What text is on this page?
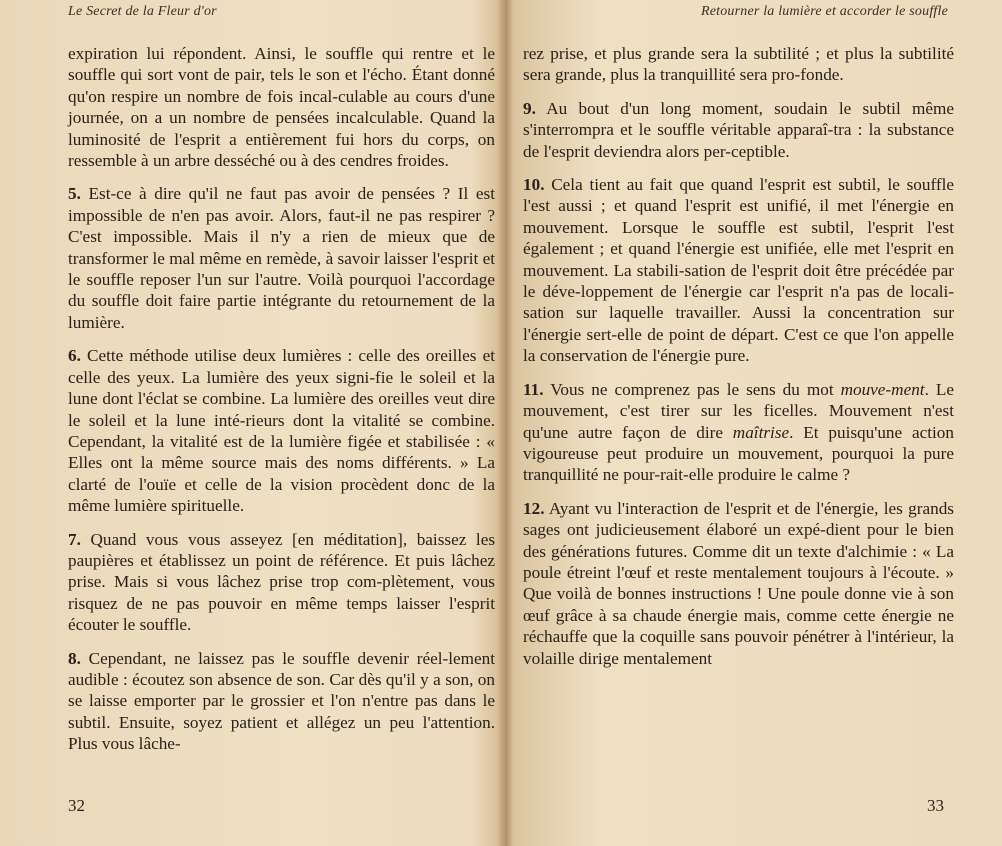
Le Secret de la Fleur d'or

expiration lui répondent. Ainsi, le souffle qui rentre et le souffle qui sort vont de pair, tels le son et l'écho. Étant donné qu'on respire un nombre de fois incal-culable au cours d'une journée, on a un nombre de pensées incalculable. Quand la luminosité de l'esprit a entièrement fui hors du corps, on ressemble à un arbre desséché ou à des cendres froides.

5. Est-ce à dire qu'il ne faut pas avoir de pensées ? Il est impossible de n'en pas avoir. Alors, faut-il ne pas respirer ? C'est impossible. Mais il n'y a rien de mieux que de transformer le mal même en remède, à savoir laisser l'esprit et le souffle reposer l'un sur l'autre. Voilà pourquoi l'accordage du souffle doit faire partie intégrante du retournement de la lumière.

6. Cette méthode utilise deux lumières : celle des oreilles et celle des yeux. La lumière des yeux signi-fie le soleil et la lune dont l'éclat se combine. La lumière des oreilles veut dire le soleil et la lune inté-rieurs dont la vitalité se combine. Cependant, la vitalité est de la lumière figée et stabilisée : « Elles ont la même source mais des noms différents. » La clarté de l'ouïe et celle de la vision procèdent donc de la même lumière spirituelle.

7. Quand vous vous asseyez [en méditation], baissez les paupières et établissez un point de référence. Et puis lâchez prise. Mais si vous lâchez prise trop com-plètement, vous risquez de ne pas pouvoir en même temps laisser l'esprit écouter le souffle.

8. Cependant, ne laissez pas le souffle devenir réel-lement audible : écoutez son absence de son. Car dès qu'il y a son, on se laisse emporter par le grossier et l'on n'entre pas dans le subtil. Ensuite, soyez patient et allégez un peu l'attention. Plus vous lâche-

32
Retourner la lumière et accorder le souffle

rez prise, et plus grande sera la subtilité ; et plus la subtilité sera grande, plus la tranquillité sera pro-fonde.

9. Au bout d'un long moment, soudain le subtil même s'interrompra et le souffle véritable apparaî-tra : la substance de l'esprit deviendra alors per-ceptible.

10. Cela tient au fait que quand l'esprit est subtil, le souffle l'est aussi ; et quand l'esprit est unifié, il met l'énergie en mouvement. Lorsque le souffle est subtil, l'esprit l'est également ; et quand l'énergie est unifiée, elle met l'esprit en mouvement. La stabili-sation de l'esprit doit être précédée par le déve-loppement de l'énergie car l'esprit n'a pas de locali-sation sur laquelle travailler. Aussi la concentration sur l'énergie sert-elle de point de départ. C'est ce que l'on appelle la conservation de l'énergie pure.

11. Vous ne comprenez pas le sens du mot mouve-ment. Le mouvement, c'est tirer sur les ficelles. Mouvement n'est qu'une autre façon de dire maîtrise. Et puisqu'une action vigoureuse peut produire un mouvement, pourquoi la pure tranquillité ne pour-rait-elle produire le calme ?

12. Ayant vu l'interaction de l'esprit et de l'énergie, les grands sages ont judicieusement élaboré un expé-dient pour le bien des générations futures. Comme dit un texte d'alchimie : « La poule étreint l'œuf et reste mentalement toujours à l'écoute. » Que voilà de bonnes instructions ! Une poule donne vie à son œuf grâce à sa chaude énergie mais, comme cette énergie ne réchauffe que la coquille sans pouvoir pénétrer à l'intérieur, la volaille dirige mentalement

33
